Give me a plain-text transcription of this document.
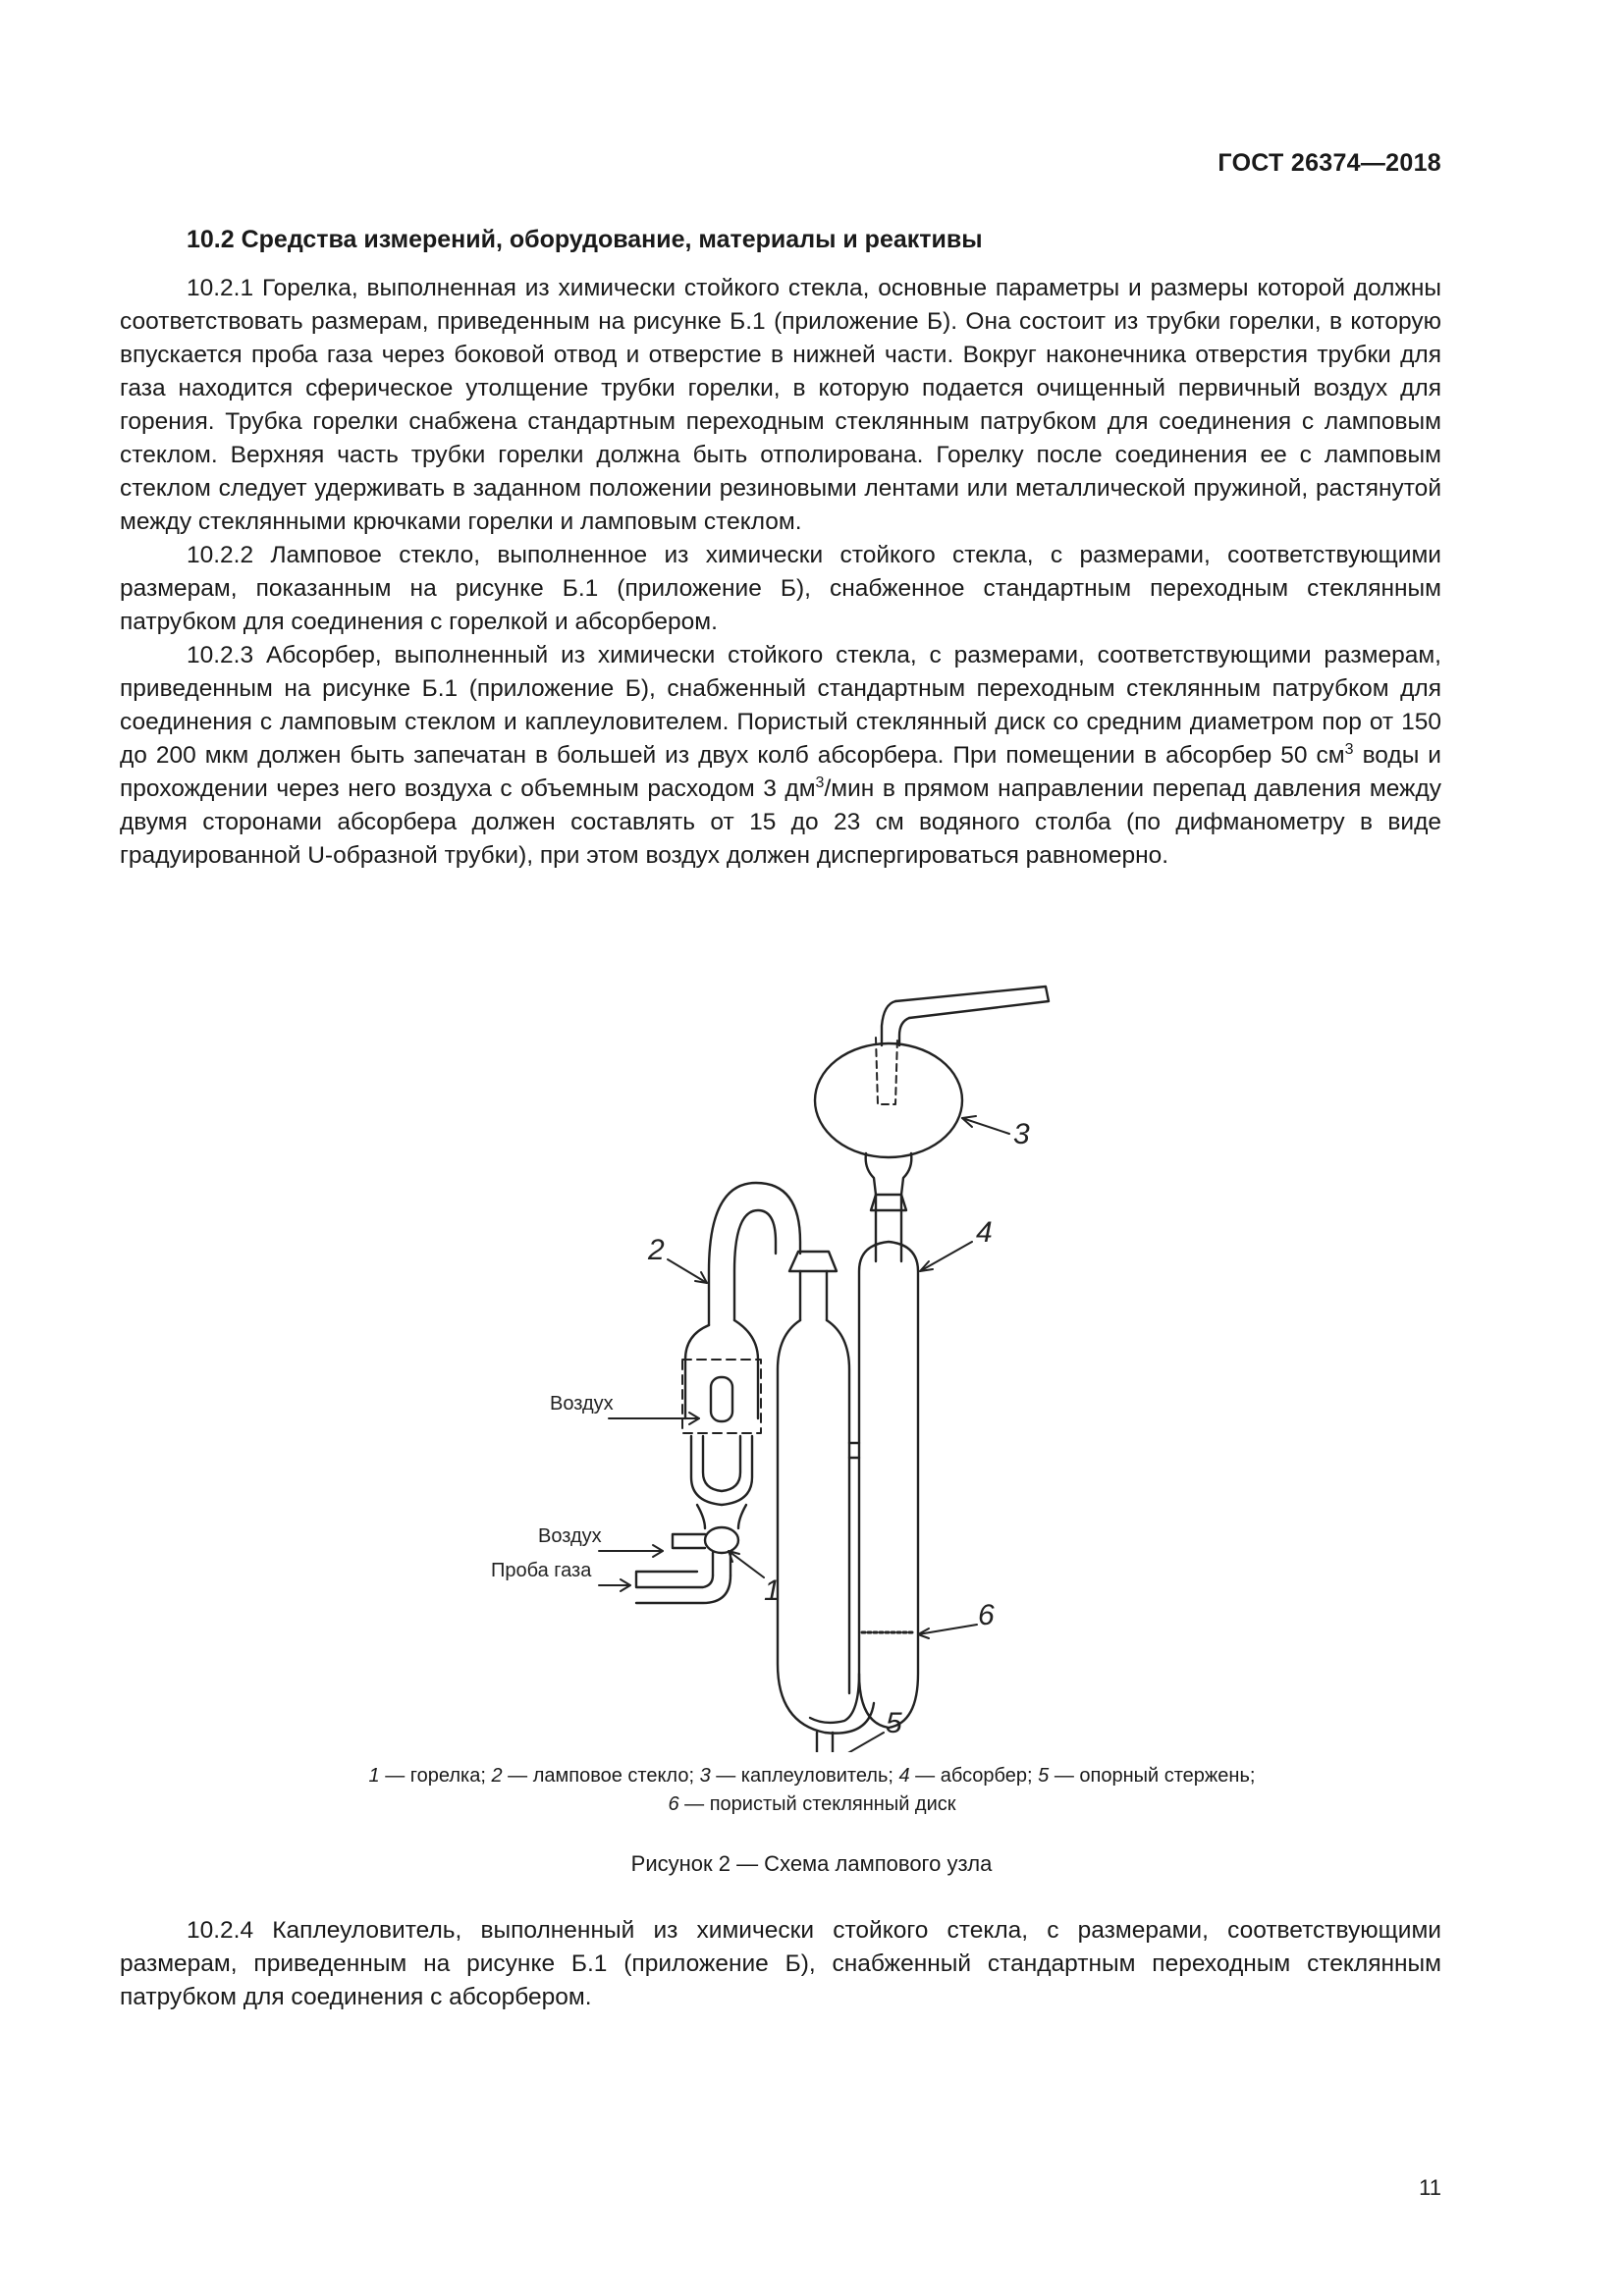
ГОСТ 26374—2018
10.2 Средства измерений, оборудование, материалы и реактивы

10.2.1 Горелка, выполненная из химически стойкого стекла, основные параметры и размеры которой должны соответствовать размерам, приведенным на рисунке Б.1 (приложение Б). Она состоит из трубки горелки, в которую впускается проба газа через боковой отвод и отверстие в нижней части. Вокруг наконечника отверстия трубки для газа находится сферическое утолщение трубки горелки, в которую подается очищенный первичный воздух для горения. Трубка горелки снабжена стандартным переходным стеклянным патрубком для соединения с ламповым стеклом. Верхняя часть трубки горелки должна быть отполирована. Горелку после соединения ее с ламповым стеклом следует удерживать в заданном положении резиновыми лентами или металлической пружиной, растянутой между стеклянными крючками горелки и ламповым стеклом.

10.2.2 Ламповое стекло, выполненное из химически стойкого стекла, с размерами, соответствующими размерам, показанным на рисунке Б.1 (приложение Б), снабженное стандартным переходным стеклянным патрубком для соединения с горелкой и абсорбером.

10.2.3 Абсорбер, выполненный из химически стойкого стекла, с размерами, соответствующими размерам, приведенным на рисунке Б.1 (приложение Б), снабженный стандартным переходным стеклянным патрубком для соединения с ламповым стеклом и каплеуловителем. Пористый стеклянный диск со средним диаметром пор от 150 до 200 мкм должен быть запечатан в большей из двух колб абсорбера. При помещении в абсорбер 50 $см^3$ воды и прохождении через него воздуха с объемным расходом 3 $дм^3$/мин в прямом направлении перепад давления между двумя сторонами абсорбера должен составлять от 15 до 23 см водяного столба (по дифманометру в виде градуированной U-образной трубки), при этом воздух должен диспергироваться равномерно.

3
4
2
6
1
5
Воздух
Воздух
Проба газа
1 — горелка; 2 — ламповое стекло; 3 — каплеуловитель; 4 — абсорбер; 5 — опорный стержень;
6 — пористый стеклянный диск
Рисунок 2 — Схема лампового узла

10.2.4 Каплеуловитель, выполненный из химически стойкого стекла, с размерами, соответствующими размерам, приведенным на рисунке Б.1 (приложение Б), снабженный стандартным переходным стеклянным патрубком для соединения с абсорбером.

11
